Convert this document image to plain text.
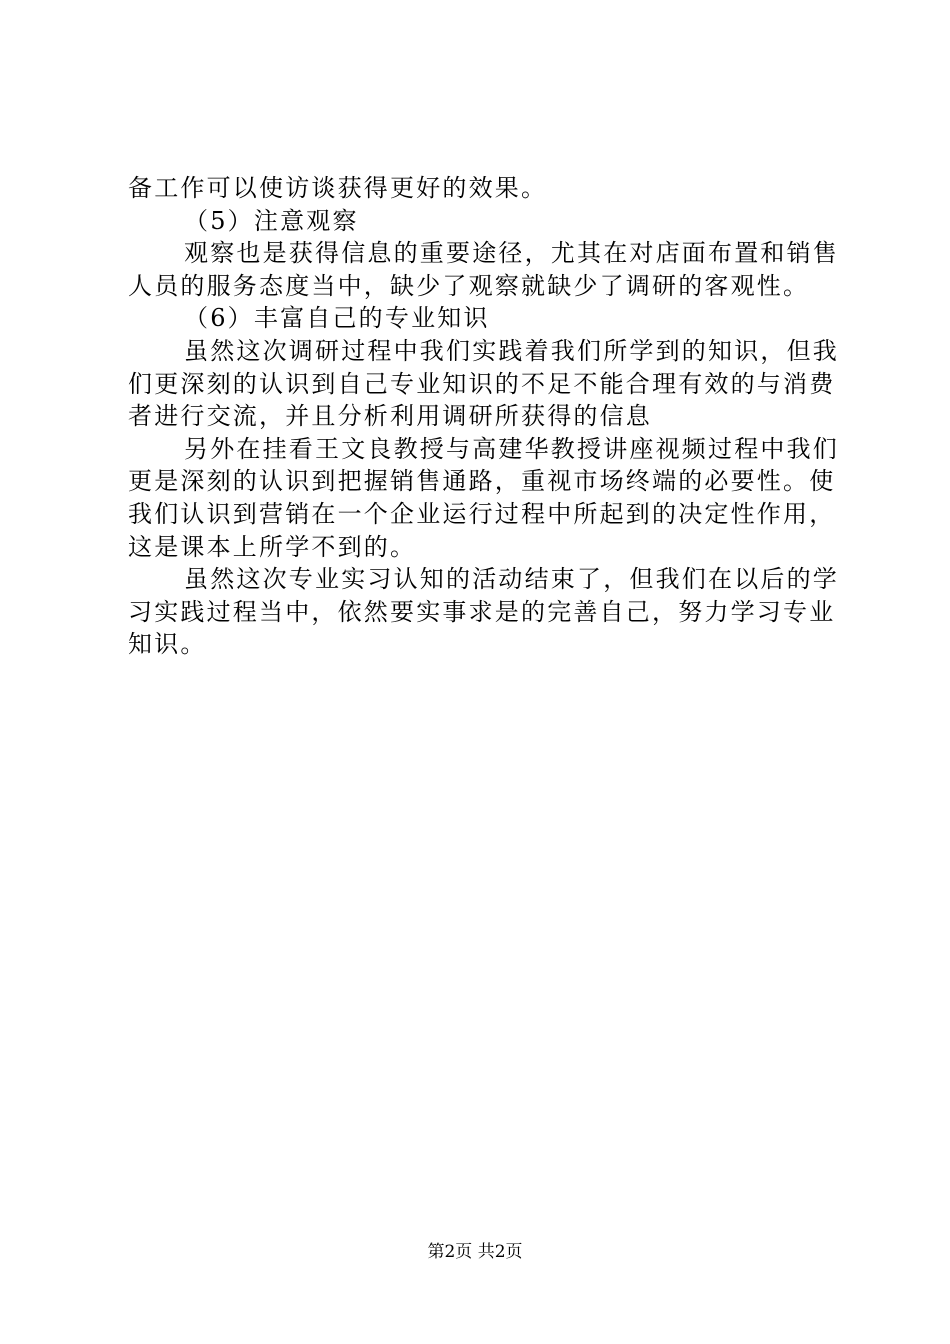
备工作可以使访谈获得更好的效果。
（5）注意观察
观察也是获得信息的重要途径，尤其在对店面布置和销售
人员的服务态度当中，缺少了观察就缺少了调研的客观性。
（6）丰富自己的专业知识
虽然这次调研过程中我们实践着我们所学到的知识，但我
们更深刻的认识到自己专业知识的不足不能合理有效的与消费
者进行交流，并且分析利用调研所获得的信息
另外在挂看王文良教授与高建华教授讲座视频过程中我们
更是深刻的认识到把握销售通路，重视市场终端的必要性。使
我们认识到营销在一个企业运行过程中所起到的决定性作用，
这是课本上所学不到的。
虽然这次专业实习认知的活动结束了，但我们在以后的学
习实践过程当中，依然要实事求是的完善自己，努力学习专业
知识。
第2页 共2页
